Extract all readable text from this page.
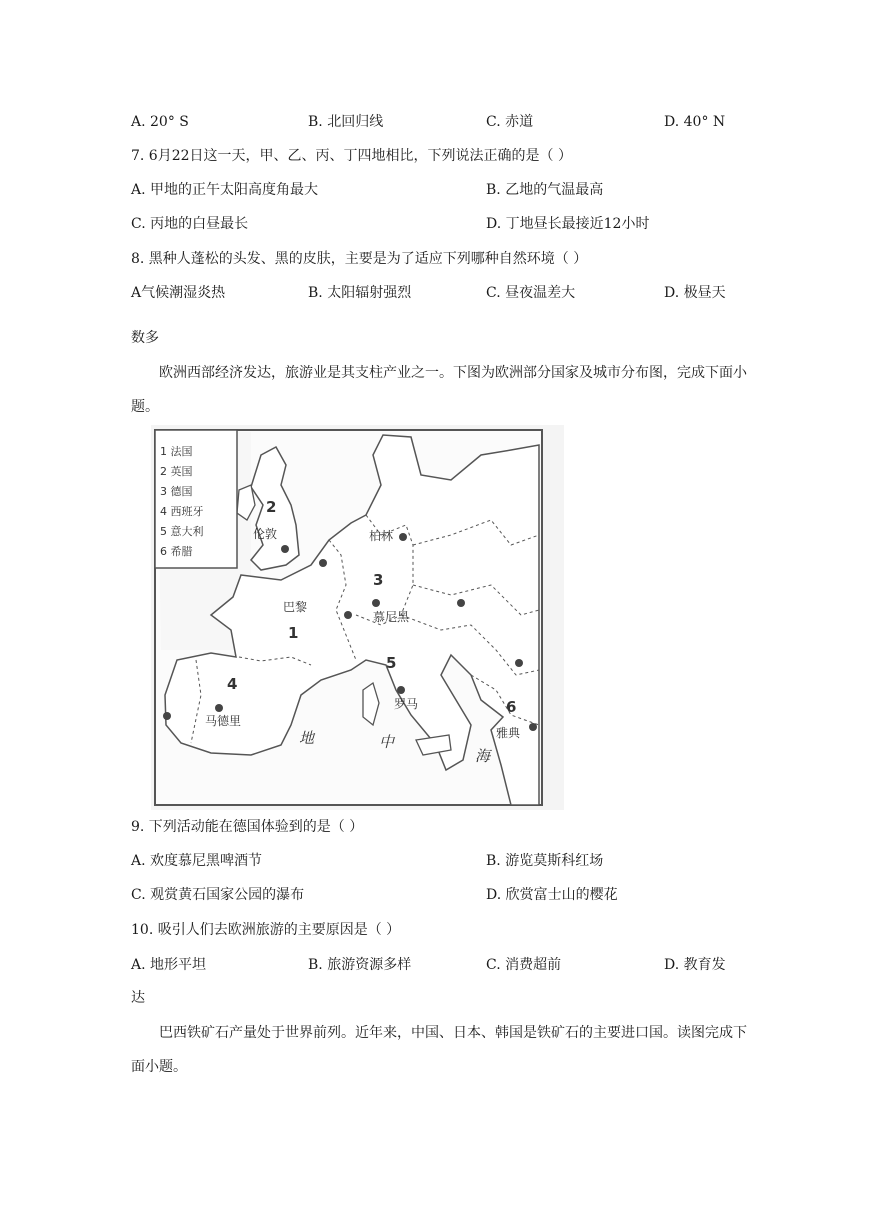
A. 20° S	B. 北回归线	C. 赤道	D. 40° N
7. 6月22日这一天，甲、乙、丙、丁四地相比，下列说法正确的是（ ）
A. 甲地的正午太阳高度角最大	B. 乙地的气温最高
C. 丙地的白昼最长	D. 丁地昼长最接近12小时
8. 黑种人蓬松的头发、黑的皮肤，主要是为了适应下列哪种自然环境（ ）
A气候潮湿炎热	B. 太阳辐射强烈	C. 昼夜温差大	D. 极昼天
数多
欧洲西部经济发达，旅游业是其支柱产业之一。下图为欧洲部分国家及城市分布图，完成下面小题。
1 法国
2 英国
3 德国
4 西班牙
5 意大利
6 希腊
1
2
3
4
5
6
伦敦
巴黎
柏林
慕尼黑
马德里
罗马
雅典
地	中
海
9. 下列活动能在德国体验到的是（ ）
A. 欢度慕尼黑啤酒节	B. 游览莫斯科红场
C. 观赏黄石国家公园的瀑布	D. 欣赏富士山的樱花
10. 吸引人们去欧洲旅游的主要原因是（ ）
A. 地形平坦	B. 旅游资源多样	C. 消费超前	D. 教育发
达
巴西铁矿石产量处于世界前列。近年来，中国、日本、韩国是铁矿石的主要进口国。读图完成下面小题。
